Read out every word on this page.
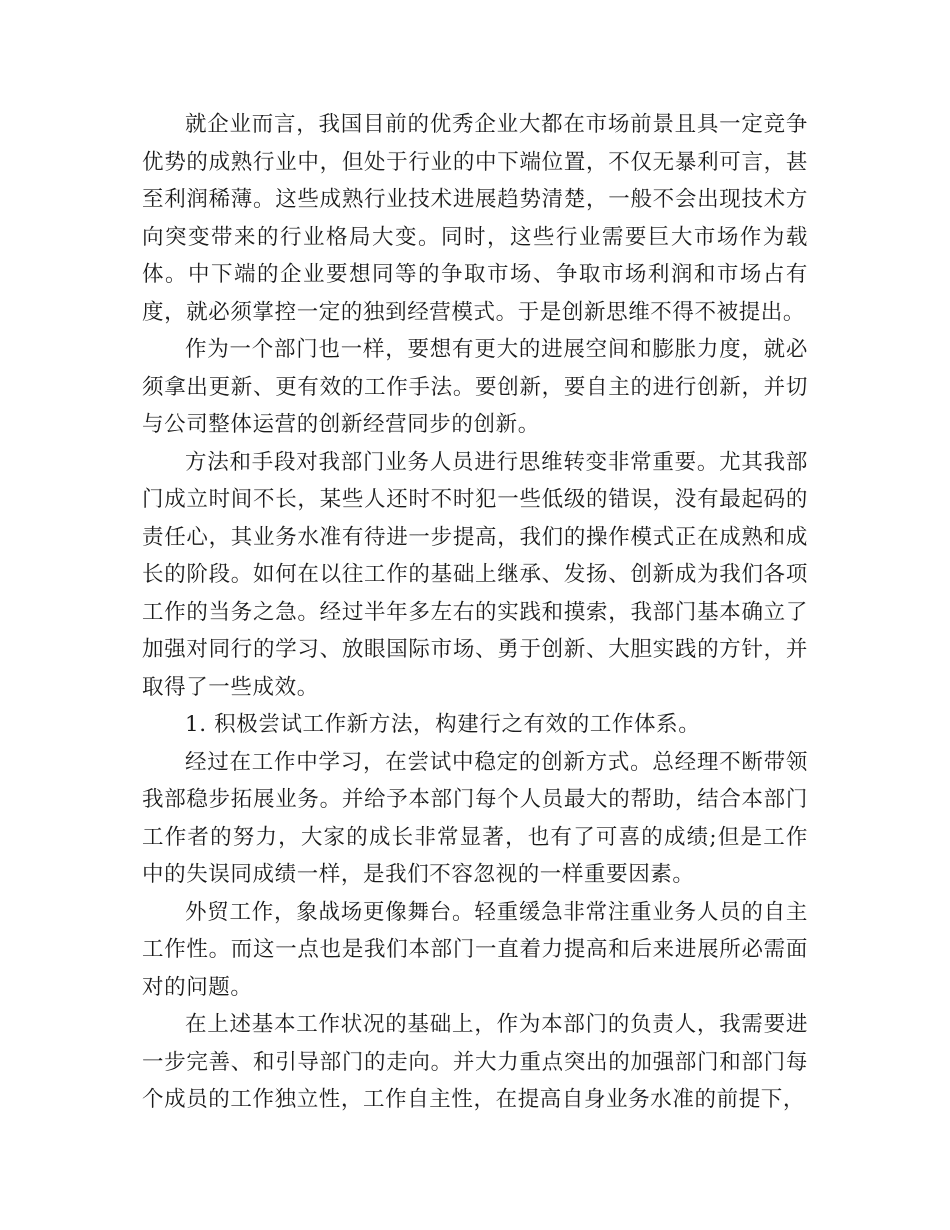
就企业而言，我国目前的优秀企业大都在市场前景且具一定竞争优势的成熟行业中，但处于行业的中下端位置，不仅无暴利可言，甚至利润稀薄。这些成熟行业技术进展趋势清楚，一般不会出现技术方向突变带来的行业格局大变。同时，这些行业需要巨大市场作为载体。中下端的企业要想同等的争取市场、争取市场利润和市场占有度，就必须掌控一定的独到经营模式。于是创新思维不得不被提出。

作为一个部门也一样，要想有更大的进展空间和膨胀力度，就必须拿出更新、更有效的工作手法。要创新，要自主的进行创新，并切与公司整体运营的创新经营同步的创新。

方法和手段对我部门业务人员进行思维转变非常重要。尤其我部门成立时间不长，某些人还时不时犯一些低级的错误，没有最起码的责任心，其业务水准有待进一步提高，我们的操作模式正在成熟和成长的阶段。如何在以往工作的基础上继承、发扬、创新成为我们各项工作的当务之急。经过半年多左右的实践和摸索，我部门基本确立了加强对同行的学习、放眼国际市场、勇于创新、大胆实践的方针，并取得了一些成效。

1. 积极尝试工作新方法，构建行之有效的工作体系。

经过在工作中学习，在尝试中稳定的创新方式。总经理不断带领我部稳步拓展业务。并给予本部门每个人员最大的帮助，结合本部门工作者的努力，大家的成长非常显著，也有了可喜的成绩;但是工作中的失误同成绩一样，是我们不容忽视的一样重要因素。

外贸工作，象战场更像舞台。轻重缓急非常注重业务人员的自主工作性。而这一点也是我们本部门一直着力提高和后来进展所必需面对的问题。

在上述基本工作状况的基础上，作为本部门的负责人，我需要进一步完善、和引导部门的走向。并大力重点突出的加强部门和部门每个成员的工作独立性，工作自主性，在提高自身业务水准的前提下，
